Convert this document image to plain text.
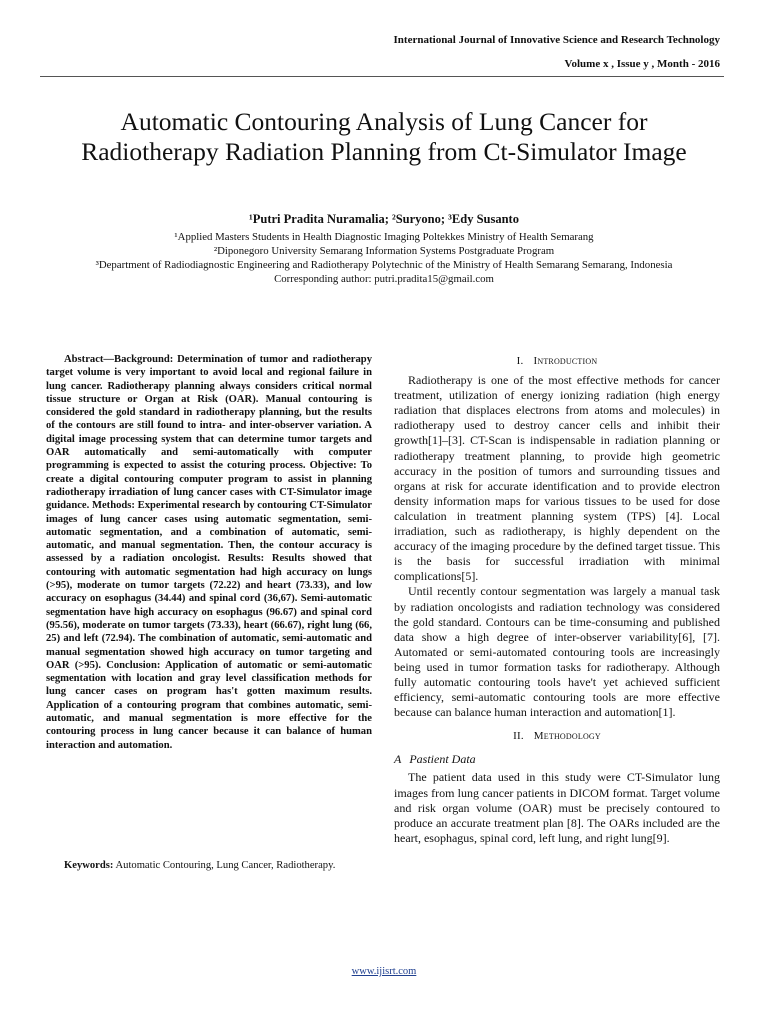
International Journal of Innovative Science and Research Technology
Volume x , Issue y , Month - 2016
Automatic Contouring Analysis of Lung Cancer for Radiotherapy Radiation Planning from Ct-Simulator Image
¹Putri Pradita Nuramalia; ²Suryono; ³Edy Susanto
¹Applied Masters Students in Health Diagnostic Imaging Poltekkes Ministry of Health Semarang
²Diponegoro University Semarang Information Systems Postgraduate Program
³Department of Radiodiagnostic Engineering and Radiotherapy Polytechnic of the Ministry of Health Semarang Semarang, Indonesia
Corresponding author: putri.pradita15@gmail.com

Abstract—Background: Determination of tumor and radiotherapy target volume is very important to avoid local and regional failure in lung cancer. Radiotherapy planning always considers critical normal tissue structure or Organ at Risk (OAR). Manual contouring is considered the gold standard in radiotherapy planning, but the results of the contours are still found to intra- and inter-observer variation. A digital image processing system that can determine tumor targets and OAR automatically and semi-automatically with computer programming is expected to assist the coturing process. Objective: To create a digital contouring computer program to assist in planning radiotherapy irradiation of lung cancer cases with CT-Simulator image guidance. Methods: Experimental research by contouring CT-Simulator images of lung cancer cases using automatic segmentation, semi-automatic segmentation, and a combination of automatic, semi-automatic, and manual segmentation. Then, the contour accuracy is assessed by a radiation oncologist. Results: Results showed that contouring with automatic segmentation had high accuracy on lungs (>95), moderate on tumor targets (72.22) and heart (73.33), and low accuracy on esophagus (34.44) and spinal cord (36,67). Semi-automatic segmentation have high accuracy on esophagus (96.67) and spinal cord (95.56), moderate on tumor targets (73.33), heart (66.67), right lung (66, 25) and left (72.94). The combination of automatic, semi-automatic and manual segmentation showed high accuracy on tumor targeting and OAR (>95). Conclusion: Application of automatic or semi-automatic segmentation with location and gray level classification methods for lung cancer cases on program has't gotten maximum results. Application of a contouring program that combines automatic, semi-automatic, and manual segmentation is more effective for the contouring process in lung cancer because it can balance of human interaction and automation.

Keywords: Automatic Contouring, Lung Cancer, Radiotherapy.
I. Introduction

Radiotherapy is one of the most effective methods for cancer treatment, utilization of energy ionizing radiation (high energy radiation that displaces electrons from atoms and molecules) in radiotherapy used to destroy cancer cells and inhibit their growth[1]–[3]. CT-Scan is indispensable in radiation planning or radiotherapy treatment planning, to provide high geometric accuracy in the position of tumors and surrounding tissues and organs at risk for accurate identification and to provide electron density information maps for various tissues to be used for dose calculation in treatment planning system (TPS) [4]. Local irradiation, such as radiotherapy, is highly dependent on the accuracy of the imaging procedure by the defined target tissue. This is the basis for successful irradiation with minimal complications[5].

Until recently contour segmentation was largely a manual task by radiation oncologists and radiation technology was considered the gold standard. Contours can be time-consuming and published data show a high degree of inter-observer variability[6], [7]. Automated or semi-automated contouring tools are increasingly being used in tumor formation tasks for radiotherapy. Although fully automatic contouring tools have't yet achieved sufficient efficiency, semi-automatic contouring tools are more effective because can balance human interaction and automation[1].

II. Methodology
A Pastient Data

The patient data used in this study were CT-Simulator lung images from lung cancer patients in DICOM format. Target volume and risk organ volume (OAR) must be precisely contoured to produce an accurate treatment plan [8]. The OARs included are the heart, esophagus, spinal cord, left lung, and right lung[9].

www.ijisrt.com
